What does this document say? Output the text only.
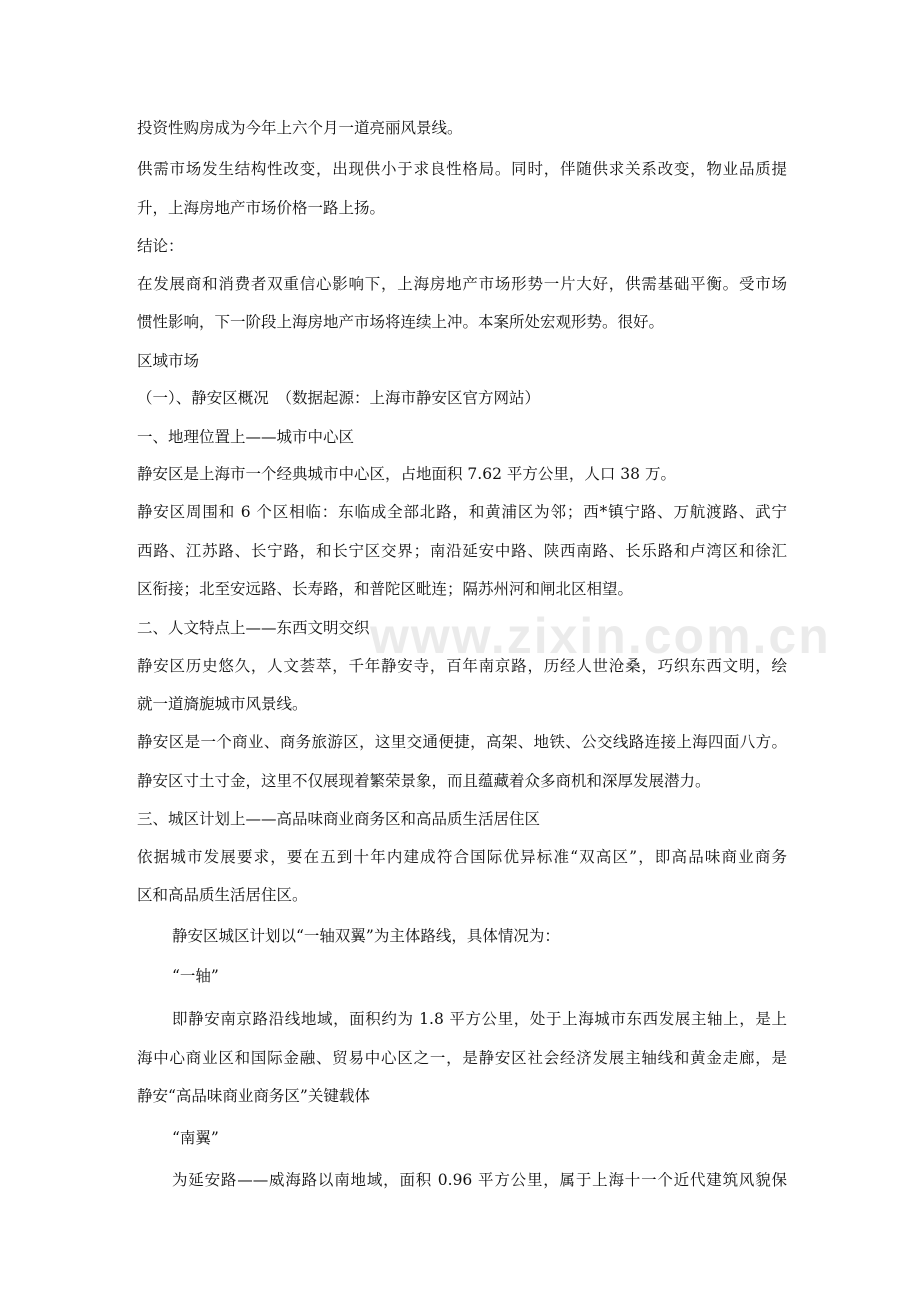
www.zixin.com.cn
投资性购房成为今年上六个月一道亮丽风景线。
供需市场发生结构性改变，出现供小于求良性格局。同时，伴随供求关系改变，物业品质提
升，上海房地产市场价格一路上扬。
结论：
在发展商和消费者双重信心影响下，上海房地产市场形势一片大好，供需基础平衡。受市场
惯性影响，下一阶段上海房地产市场将连续上冲。本案所处宏观形势。很好。
区域市场
（一）、静安区概况　（数据起源：上海市静安区官方网站）
一、地理位置上——城市中心区
静安区是上海市一个经典城市中心区，占地面积 7.62 平方公里，人口 38 万。
静安区周围和 6 个区相临：东临成全部北路，和黄浦区为邻；西*镇宁路、万航渡路、武宁
西路、江苏路、长宁路，和长宁区交界；南沿延安中路、陕西南路、长乐路和卢湾区和徐汇
区衔接；北至安远路、长寿路，和普陀区毗连；隔苏州河和闸北区相望。
二、人文特点上——东西文明交织
静安区历史悠久，人文荟萃，千年静安寺，百年南京路，历经人世沧桑，巧织东西文明，绘
就一道旖旎城市风景线。
静安区是一个商业、商务旅游区，这里交通便捷，高架、地铁、公交线路连接上海四面八方。
静安区寸土寸金，这里不仅展现着繁荣景象，而且蕴藏着众多商机和深厚发展潜力。
三、城区计划上——高品味商业商务区和高品质生活居住区
依据城市发展要求，要在五到十年内建成符合国际优异标准“双高区”，即高品味商业商务
区和高品质生活居住区。
静安区城区计划以“一轴双翼”为主体路线，具体情况为：
“一轴”
即静安南京路沿线地域，面积约为 1.8 平方公里，处于上海城市东西发展主轴上，是上
海中心商业区和国际金融、贸易中心区之一，是静安区社会经济发展主轴线和黄金走廊，是
静安“高品味商业商务区”关键载体
“南翼”
为延安路——威海路以南地域，面积 0.96 平方公里，属于上海十一个近代建筑风貌保
